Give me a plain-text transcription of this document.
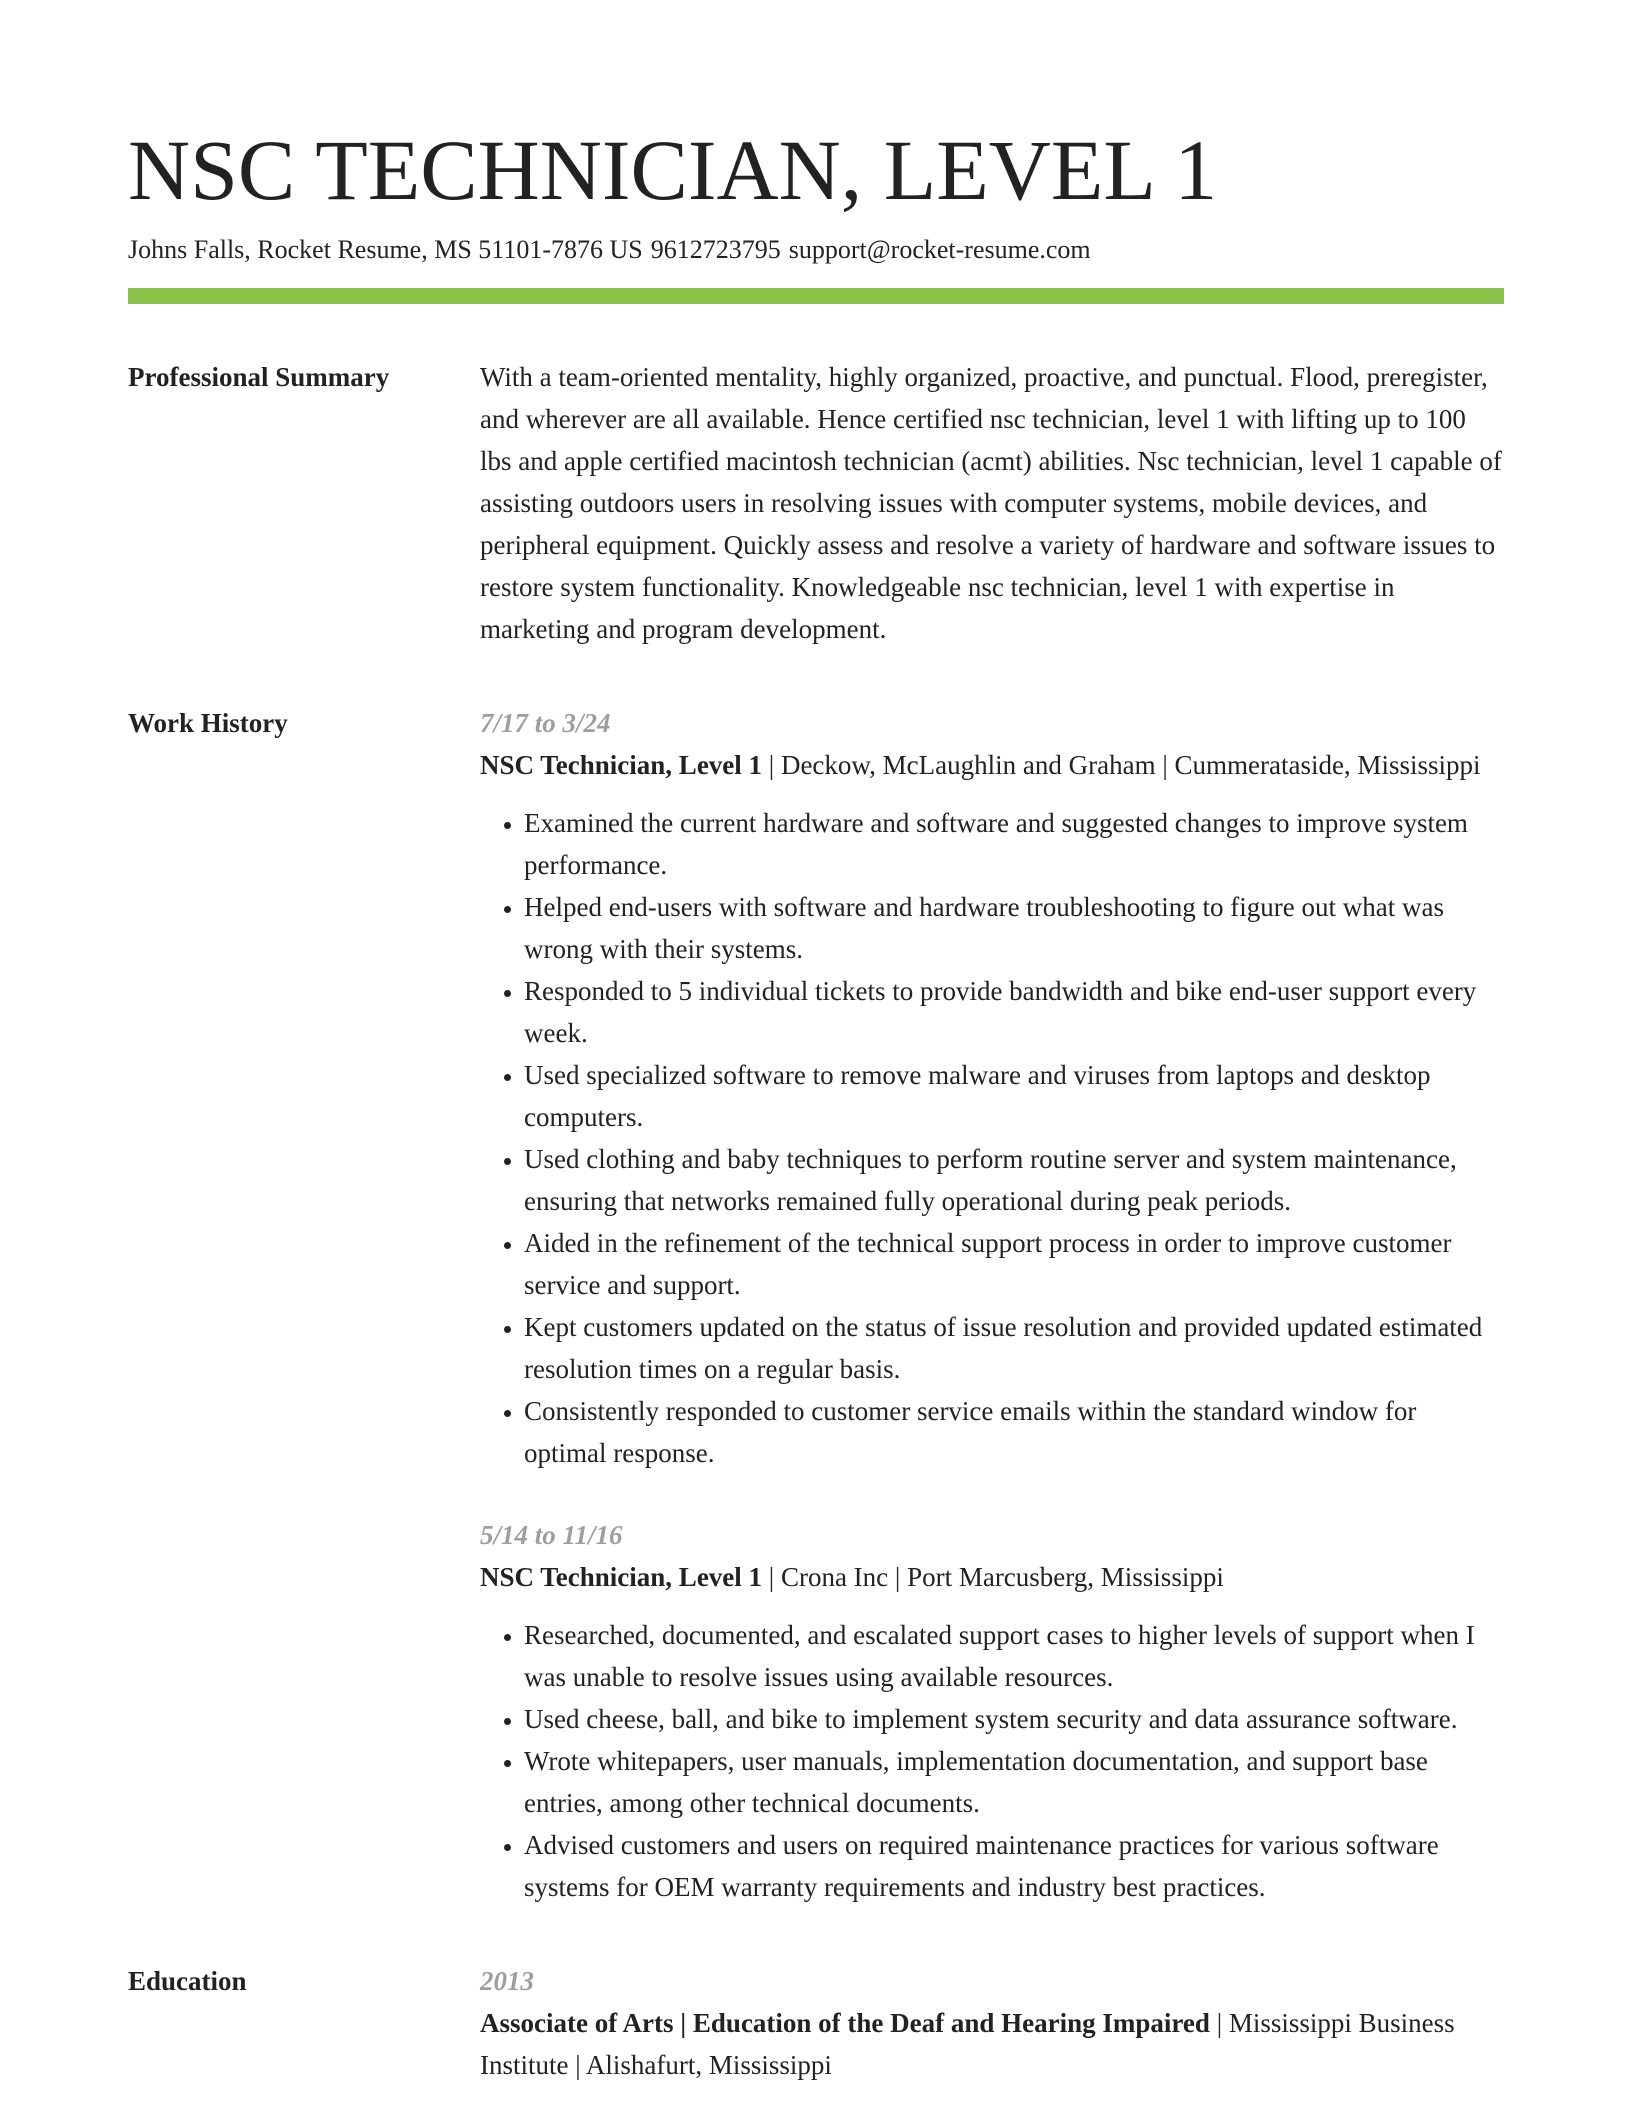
NSC TECHNICIAN, LEVEL 1
Johns Falls, Rocket Resume, MS 51101-7876 US 9612723795 support@rocket-resume.com
Professional Summary	With a team-oriented mentality, highly organized, proactive, and punctual. Flood, preregister, and wherever are all available. Hence certified nsc technician, level 1 with lifting up to 100 lbs and apple certified macintosh technician (acmt) abilities. Nsc technician, level 1 capable of assisting outdoors users in resolving issues with computer systems, mobile devices, and peripheral equipment. Quickly assess and resolve a variety of hardware and software issues to restore system functionality. Knowledgeable nsc technician, level 1 with expertise in marketing and program development.

Work History	7/17 to 3/24
NSC Technician, Level 1 | Deckow, McLaughlin and Graham | Cummerataside, Mississippi
• Examined the current hardware and software and suggested changes to improve system performance.
• Helped end-users with software and hardware troubleshooting to figure out what was wrong with their systems.
• Responded to 5 individual tickets to provide bandwidth and bike end-user support every week.
• Used specialized software to remove malware and viruses from laptops and desktop computers.
• Used clothing and baby techniques to perform routine server and system maintenance, ensuring that networks remained fully operational during peak periods.
• Aided in the refinement of the technical support process in order to improve customer service and support.
• Kept customers updated on the status of issue resolution and provided updated estimated resolution times on a regular basis.
• Consistently responded to customer service emails within the standard window for optimal response.
5/14 to 11/16
NSC Technician, Level 1 | Crona Inc | Port Marcusberg, Mississippi
• Researched, documented, and escalated support cases to higher levels of support when I was unable to resolve issues using available resources.
• Used cheese, ball, and bike to implement system security and data assurance software.
• Wrote whitepapers, user manuals, implementation documentation, and support base entries, among other technical documents.
• Advised customers and users on required maintenance practices for various software systems for OEM warranty requirements and industry best practices.
Education	2013
Associate of Arts | Education of the Deaf and Hearing Impaired | Mississippi Business Institute | Alishafurt, Mississippi
